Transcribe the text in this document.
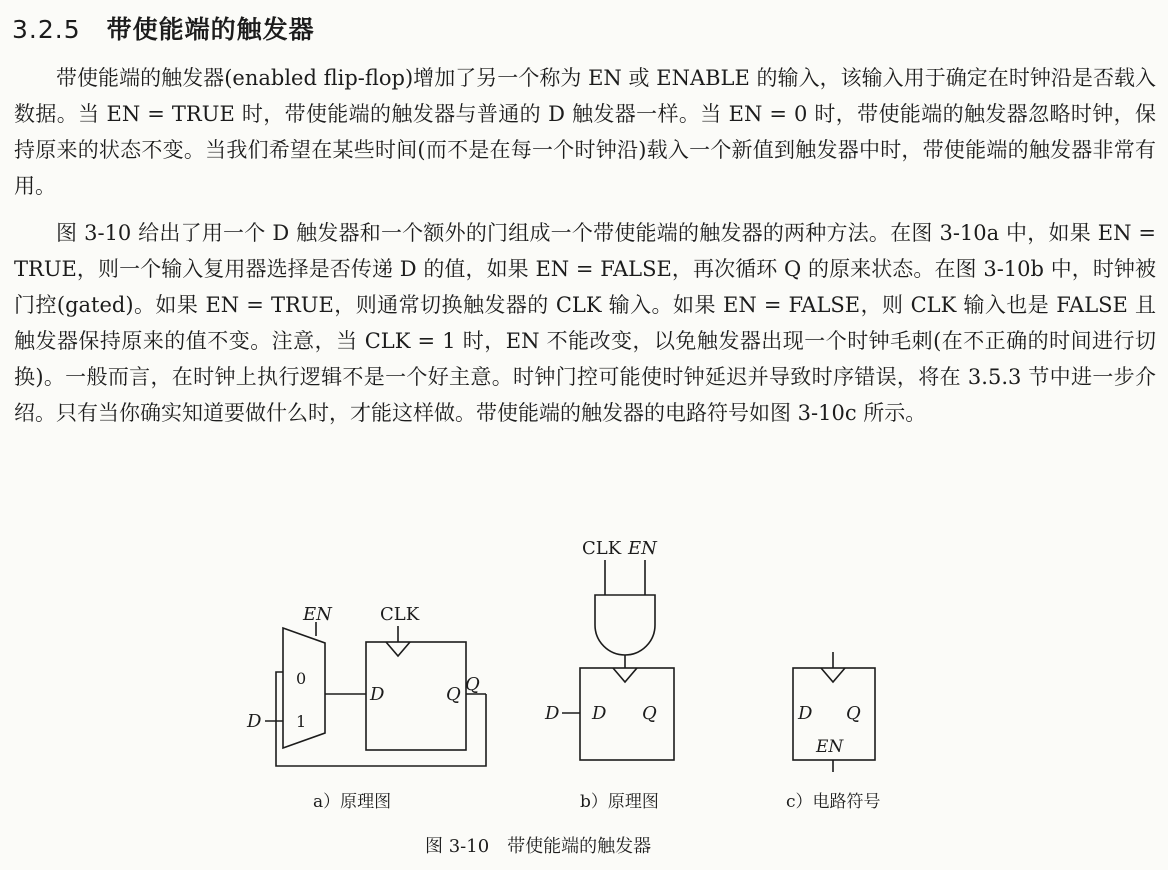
3.2.5 带使能端的触发器

带使能端的触发器(enabled flip-flop)增加了另一个称为 EN 或 ENABLE 的输入，该输入用于确定在时钟沿是否载入数据。当 EN = TRUE 时，带使能端的触发器与普通的 D 触发器一样。当 EN = 0 时，带使能端的触发器忽略时钟，保持原来的状态不变。当我们希望在某些时间(而不是在每一个时钟沿)载入一个新值到触发器中时，带使能端的触发器非常有用。

图 3-10 给出了用一个 D 触发器和一个额外的门组成一个带使能端的触发器的两种方法。在图 3-10a 中，如果 EN = TRUE，则一个输入复用器选择是否传递 D 的值，如果 EN = FALSE，再次循环 Q 的原来状态。在图 3-10b 中，时钟被门控(gated)。如果 EN = TRUE，则通常切换触发器的 CLK 输入。如果 EN = FALSE，则 CLK 输入也是 FALSE 且触发器保持原来的值不变。注意，当 CLK = 1 时，EN 不能改变，以免触发器出现一个时钟毛刺(在不正确的时间进行切换)。一般而言，在时钟上执行逻辑不是一个好主意。时钟门控可能使时钟延迟并导致时序错误，将在 3.5.3 节中进一步介绍。只有当你确实知道要做什么时，才能这样做。带使能端的触发器的电路符号如图 3-10c 所示。

EN	CLK
0
1
D
D	Q Q
CLK EN
D D Q	D Q
EN
a）原理图	b）原理图	c）电路符号
图 3-10 带使能端的触发器
